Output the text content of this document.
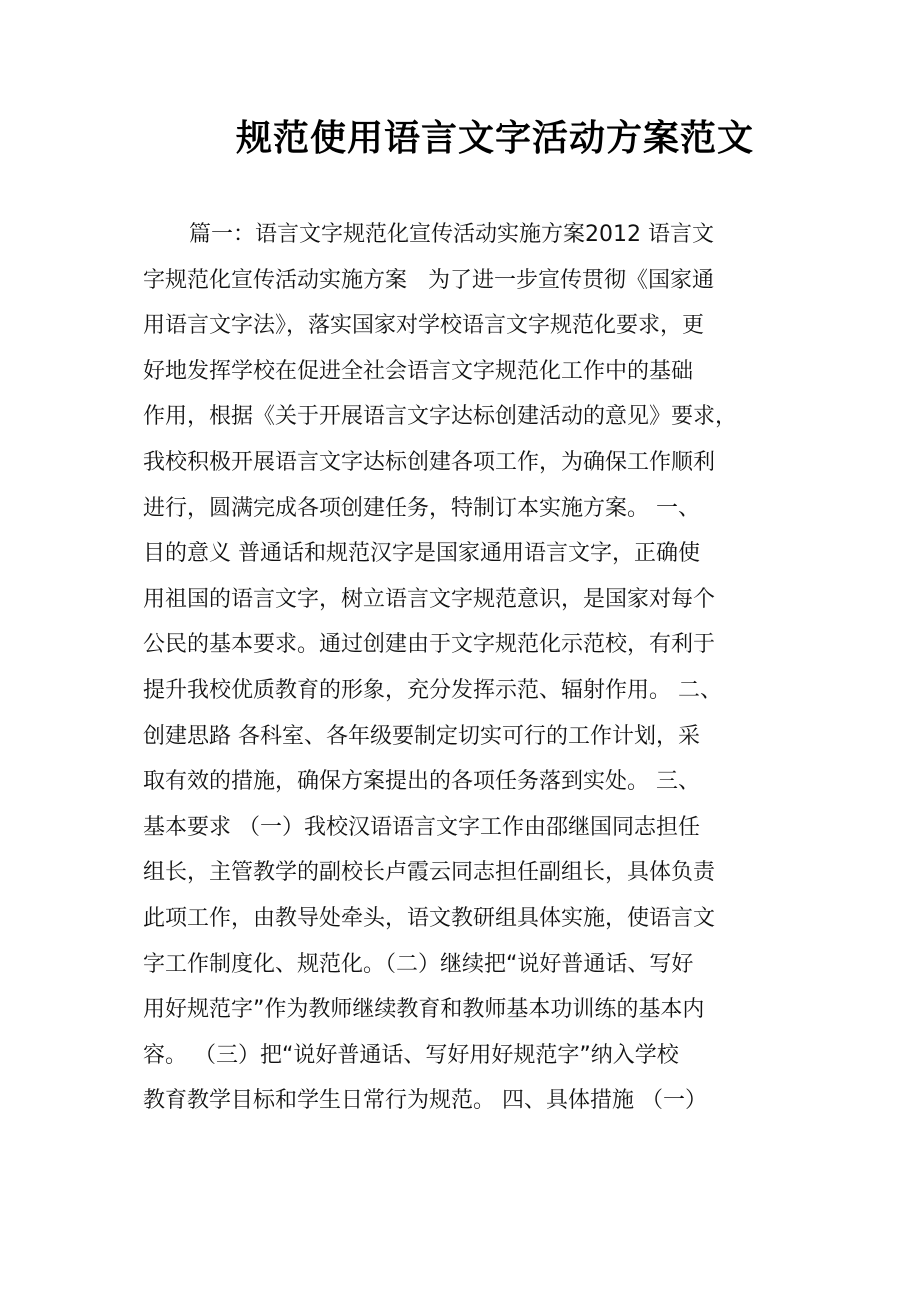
规范使用语言文字活动方案范文
篇一：语言文字规范化宣传活动实施方案2012 语言文
字规范化宣传活动实施方案   为了进一步宣传贯彻《国家通
用语言文字法》，落实国家对学校语言文字规范化要求，更
好地发挥学校在促进全社会语言文字规范化工作中的基础
作用，根据《关于开展语言文字达标创建活动的意见》要求，
我校积极开展语言文字达标创建各项工作，为确保工作顺利
进行，圆满完成各项创建任务，特制订本实施方案。 一、
目的意义 普通话和规范汉字是国家通用语言文字，正确使
用祖国的语言文字，树立语言文字规范意识，是国家对每个
公民的基本要求。通过创建由于文字规范化示范校，有利于
提升我校优质教育的形象，充分发挥示范、辐射作用。 二、
创建思路 各科室、各年级要制定切实可行的工作计划，采
取有效的措施，确保方案提出的各项任务落到实处。 三、
基本要求 （一）我校汉语语言文字工作由邵继国同志担任
组长，主管教学的副校长卢霞云同志担任副组长，具体负责
此项工作，由教导处牵头，语文教研组具体实施，使语言文
字工作制度化、规范化。（二）继续把“说好普通话、写好
用好规范字”作为教师继续教育和教师基本功训练的基本内
容。 （三）把“说好普通话、写好用好规范字”纳入学校
教育教学目标和学生日常行为规范。 四、具体措施 （一）
